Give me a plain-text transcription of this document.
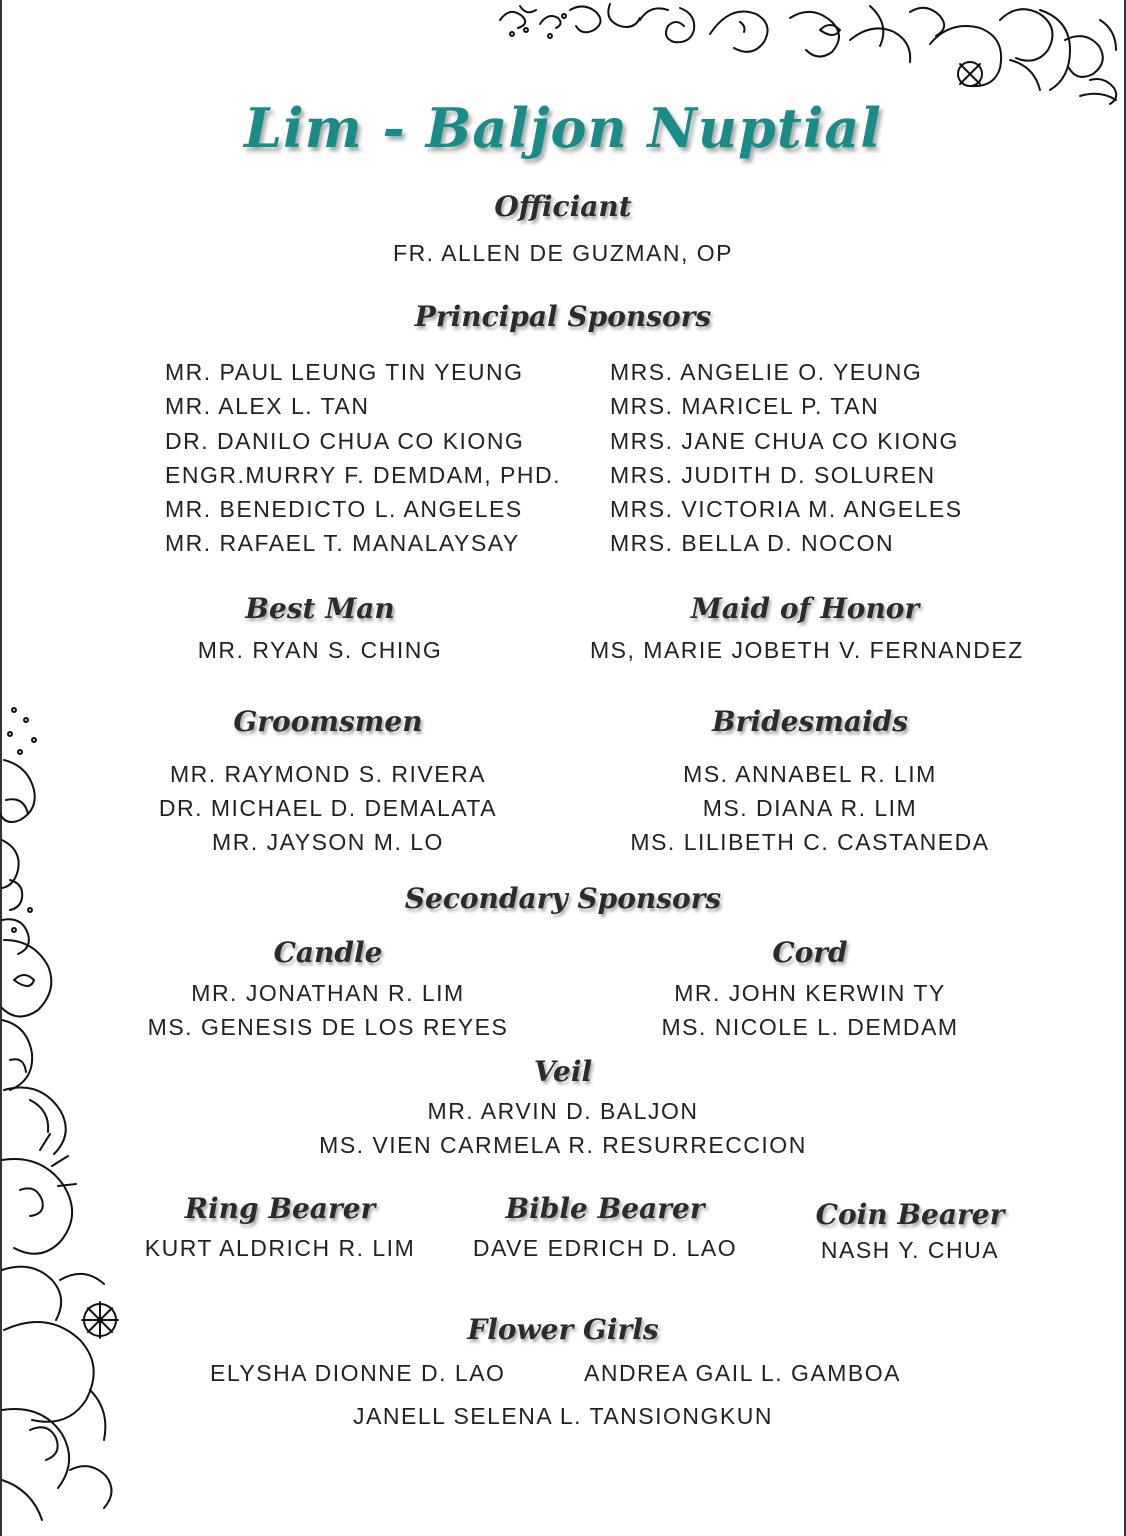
Lim - Baljon Nuptial
Officiant
FR. ALLEN DE GUZMAN, OP
Principal Sponsors
MR. PAUL LEUNG TIN YEUNG
MR. ALEX L. TAN
DR. DANILO CHUA CO KIONG
ENGR.MURRY F. DEMDAM, PHD.
MR. BENEDICTO L. ANGELES
MR. RAFAEL T. MANALAYSAY
MRS. ANGELIE O. YEUNG
MRS. MARICEL P. TAN
MRS. JANE CHUA CO KIONG
MRS. JUDITH D. SOLUREN
MRS. VICTORIA M. ANGELES
MRS. BELLA D. NOCON
Best Man
MR. RYAN S. CHING
Maid of Honor
MS, MARIE JOBETH V. FERNANDEZ
Groomsmen
MR. RAYMOND S. RIVERA
DR. MICHAEL D. DEMALATA
MR. JAYSON M. LO
Bridesmaids
MS. ANNABEL R. LIM
MS. DIANA R. LIM
MS. LILIBETH C. CASTANEDA
Secondary Sponsors
Candle
MR. JONATHAN R. LIM
MS. GENESIS DE LOS REYES
Cord
MR. JOHN KERWIN TY
MS. NICOLE L. DEMDAM
Veil
MR. ARVIN D. BALJON
MS. VIEN CARMELA R. RESURRECCION
Ring Bearer
KURT ALDRICH R. LIM
Bible Bearer
DAVE EDRICH D. LAO
Coin Bearer
NASH Y. CHUA
Flower Girls
ELYSHA DIONNE D. LAO	ANDREA GAIL L. GAMBOA
JANELL SELENA L. TANSIONGKUN
